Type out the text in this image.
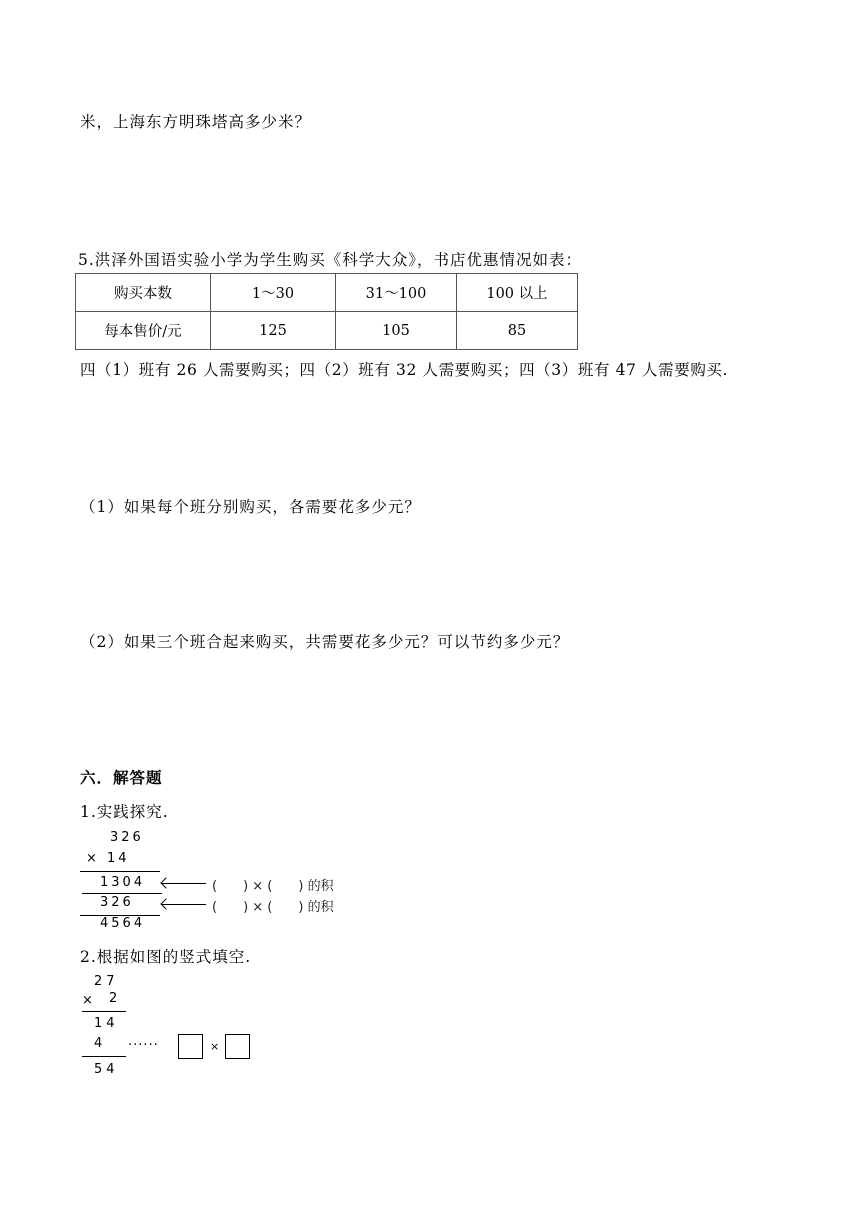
米，上海东方明珠塔高多少米？
5.洪泽外国语实验小学为学生购买《科学大众》，书店优惠情况如表：
购买本数	1～30	31～100	100 以上
每本售价/元	125	105	85
四（1）班有 26 人需要购买；四（2）班有 32 人需要购买；四（3）班有 47 人需要购买.
（1）如果每个班分别购买，各需要花多少元？
（2）如果三个班合起来购买，共需要花多少元？可以节约多少元？
六．解答题
1.实践探究.
326
× 14
1304	(　　) × (　　) 的积
326	(　　) × (　　) 的积
4564
2.根据如图的竖式填空.
27
× 2
14
4 ······	×
54
